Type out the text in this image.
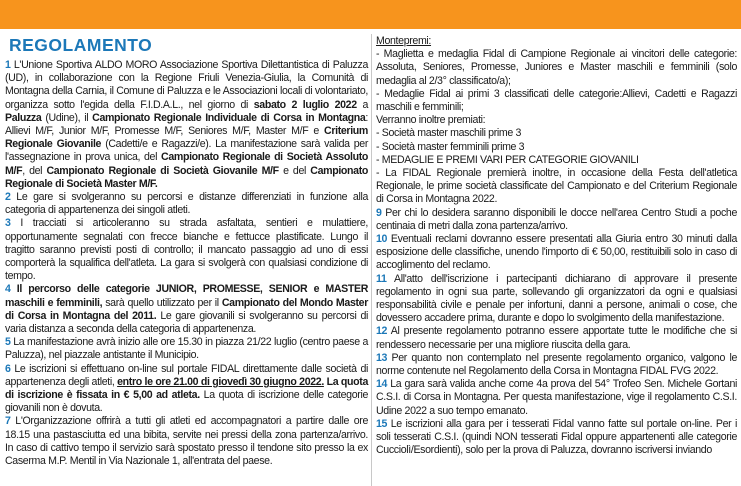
REGOLAMENTO

1 L'Unione Sportiva ALDO MORO Associazione Sportiva Dilettantistica di Paluzza (UD), in collaborazione con la Regione Friuli Venezia-Giulia, la Comunità di Montagna della Carnia, il Comune di Paluzza e le Associazioni locali di volontariato, organizza sotto l'egida della F.I.D.A.L., nel giorno di sabato 2 luglio 2022 a Paluzza (Udine), il Campionato Regionale Individuale di Corsa in Montagna: Allievi M/F, Junior M/F, Promesse M/F, Seniores M/F, Master M/F e Criterium Regionale Giovanile (Cadetti/e e Ragazzi/e). La manifestazione sarà valida per l'assegnazione in prova unica, del Campionato Regionale di Società Assoluto M/F, del Campionato Regionale di Società Giovanile M/F e del Campionato Regionale di Società Master M/F.

2 Le gare si svolgeranno su percorsi e distanze differenziati in funzione alla categoria di appartenenza dei singoli atleti.

3 I tracciati si articoleranno su strada asfaltata, sentieri e mulattiere, opportunamente segnalati con frecce bianche e fettucce plastificate. Lungo il tragitto saranno previsti posti di controllo; il mancato passaggio ad uno di essi comporterà la squalifica dell'atleta. La gara si svolgerà con qualsiasi condizione di tempo.

4 Il percorso delle categorie JUNIOR, PROMESSE, SENIOR e MASTER maschili e femminili, sarà quello utilizzato per il Campionato del Mondo Master di Corsa in Montagna del 2011. Le gare giovanili si svolgeranno su percorsi di varia distanza a seconda della categoria di appartenenza.

5 La manifestazione avrà inizio alle ore 15.30 in piazza 21/22 luglio (centro paese a Paluzza), nel piazzale antistante il Municipio.

6 Le iscrizioni si effettuano on-line sul portale FIDAL direttamente dalle società di appartenenza degli atleti, entro le ore 21.00 di giovedì 30 giugno 2022. La quota di iscrizione è fissata in € 5,00 ad atleta. La quota di iscrizione delle categorie giovanili non è dovuta.

7 L'Organizzazione offrirà a tutti gli atleti ed accompagnatori a partire dalle ore 18.15 una pastasciutta ed una bibita, servite nei pressi della zona partenza/arrivo. In caso di cattivo tempo il servizio sarà spostato presso il tendone sito presso la ex Caserma M.P. Mentil in Via Nazionale 1, all'entrata del paese.

Montepremi:

- Maglietta e medaglia Fidal di Campione Regionale ai vincitori delle categorie: Assoluta, Seniores, Promesse, Juniores e Master maschili e femminili (solo medaglia al 2/3° classificato/a);

- Medaglie Fidal ai primi 3 classificati delle categorie:Allievi, Cadetti e Ragazzi maschili e femminili;

Verranno inoltre premiati:

- Società master maschili prime 3

- Società master femminili prime 3

- MEDAGLIE E PREMI VARI PER CATEGORIE GIOVANILI

- La FIDAL Regionale premierà inoltre, in occasione della Festa dell'atletica Regionale, le prime società classificate del Campionato e del Criterium Regionale di Corsa in Montagna 2022.

9 Per chi lo desidera saranno disponibili le docce nell'area Centro Studi a poche centinaia di metri dalla zona partenza/arrivo.

10 Eventuali reclami dovranno essere presentati alla Giuria entro 30 minuti dalla esposizione delle classifiche, unendo l'importo di € 50,00, restituibili solo in caso di accoglimento del reclamo.

11 All'atto dell'iscrizione i partecipanti dichiarano di approvare il presente regolamento in ogni sua parte, sollevando gli organizzatori da ogni e qualsiasi responsabilità civile e penale per infortuni, danni a persone, animali o cose, che dovessero accadere prima, durante e dopo lo svolgimento della manifestazione.

12 Al presente regolamento potranno essere apportate tutte le modifiche che si rendessero necessarie per una migliore riuscita della gara.

13 Per quanto non contemplato nel presente regolamento organico, valgono le norme contenute nel Regolamento della Corsa in Montagna FIDAL FVG 2022.

14 La gara sarà valida anche come 4a prova del 54° Trofeo Sen. Michele Gortani C.S.I. di Corsa in Montagna. Per questa manifestazione, vige il regolamento C.S.I. Udine 2022 a suo tempo emanato.

15 Le iscrizioni alla gara per i tesserati Fidal vanno fatte sul portale on-line. Per i soli tesserati C.S.I. (quindi NON tesserati Fidal oppure appartenenti alle categorie Cucciolì/Esordienti), solo per la prova di Paluzza, dovranno iscriversi inviando
